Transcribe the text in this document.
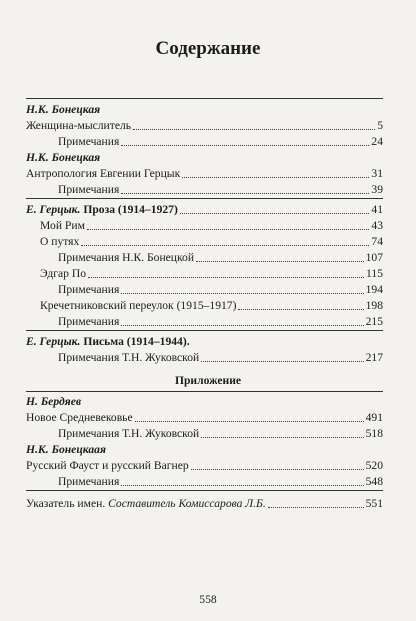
Содержание
Н.К. Бонецкая
Женщина-мыслитель	5
Примечания	24
Н.К. Бонецкая
Антропология Евгении Герцык	31
Примечания	39
Е. Герцык. Проза (1914–1927)	41
Мой Рим	43
О путях	74
Примечания Н.К. Бонецкой	107
Эдгар По	115
Примечания	194
Кречетниковский переулок (1915–1917)	198
Примечания	215
Е. Герцык. Письма (1914–1944).
Примечания Т.Н. Жуковской	217
Приложение
Н. Бердяев
Новое Средневековье	491
Примечания Т.Н. Жуковской	518
Н.К. Бонецкаая
Русский Фауст и русский Вагнер	520
Примечания	548
Указатель имен. Составитель Комиссарова Л.Б.	551
558
